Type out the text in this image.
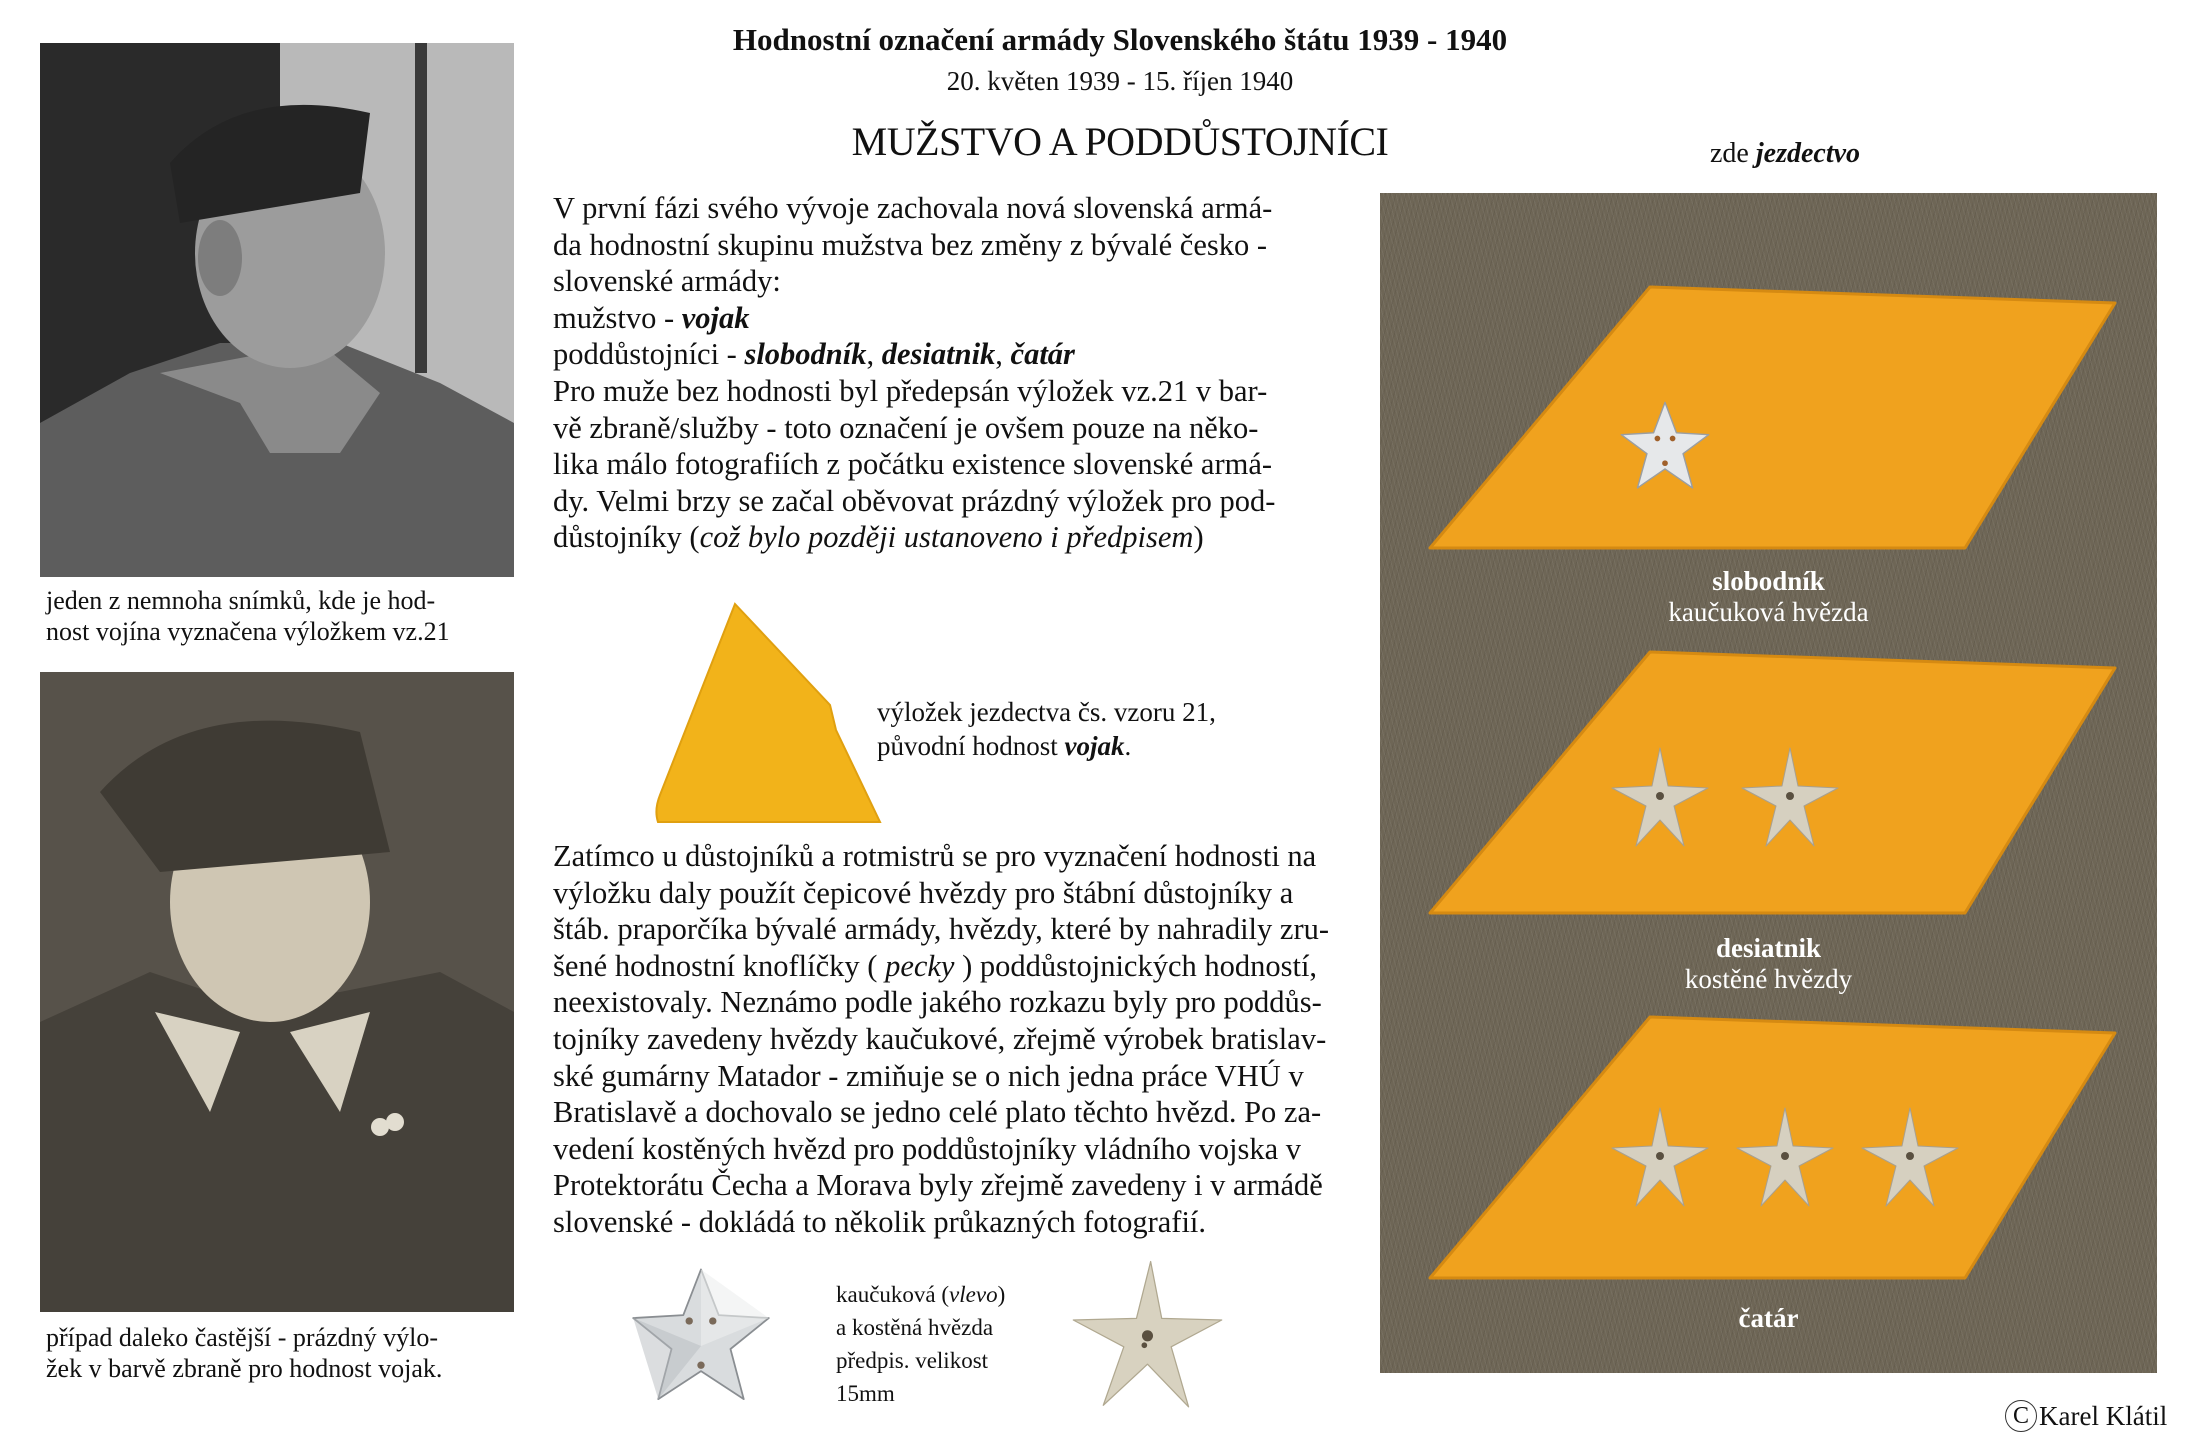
Hodnostní označení armády Slovenského štátu 1939 - 1940
20. květen 1939 - 15. říjen 1940
MUŽSTVO A PODDŮSTOJNÍCI
jeden z nemnoha snímků, kde je hod-
nost vojína vyznačena výložkem vz.21
případ daleko častější - prázdný výlo-
žek v barvě zbraně pro hodnost vojak.
V první fázi svého vývoje zachovala nová slovenská armá-
da hodnostní skupinu mužstva bez změny z bývalé česko -
slovenské armády:
mužstvo - vojak
poddůstojníci - slobodník, desiatnik, čatár
Pro muže bez hodnosti byl předepsán výložek vz.21 v bar-
vě zbraně/služby - toto označení je ovšem pouze na něko-
lika málo fotografiích z počátku existence slovenské armá-
dy. Velmi brzy se začal oběvovat prázdný výložek pro pod-
důstojníky (což bylo později ustanoveno i předpisem)
výložek jezdectva čs. vzoru 21,
původní hodnost vojak.
Zatímco u důstojníků a rotmistrů se pro vyznačení hodnosti na
výložku daly použít čepicové hvězdy pro štábní důstojníky a
štáb. praporčíka bývalé armády, hvězdy, které by nahradily zru-
šené hodnostní knoflíčky ( pecky ) poddůstojnických hodností,
neexistovaly. Neznámo podle jakého rozkazu byly pro poddůs-
tojníky zavedeny hvězdy kaučukové, zřejmě výrobek bratislav-
ské gumárny Matador - zmiňuje se o nich jedna práce VHÚ v
Bratislavě a dochovalo se jedno celé plato těchto hvězd. Po za-
vedení kostěných hvězd pro poddůstojníky vládního vojska v
Protektorátu Čecha a Morava byly zřejmě zavedeny i v armádě
slovenské - dokládá to několik průkazných fotografií.
kaučuková (vlevo)
a kostěná hvězda
předpis. velikost
15mm
zde jezdectvo
slobodník
kaučuková hvězda
desiatnik
kostěné hvězdy
čatár
C Karel Klátil
